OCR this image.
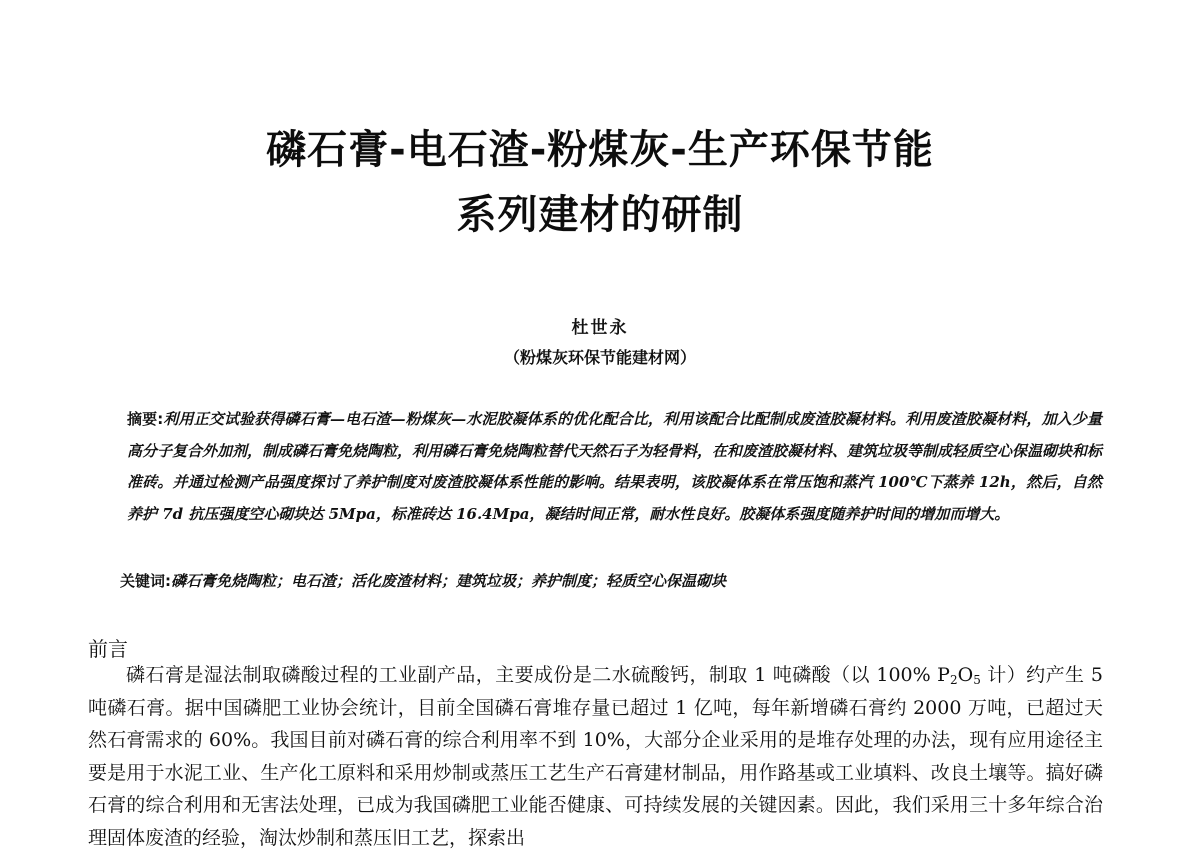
磷石膏-电石渣-粉煤灰-生产环保节能
系列建材的研制
杜世永
（粉煤灰环保节能建材网）
摘要:利用正交试验获得磷石膏—电石渣—粉煤灰—水泥胶凝体系的优化配合比，利用该配合比配制成废渣胶凝材料。利用废渣胶凝材料，加入少量高分子复合外加剂，制成磷石膏免烧陶粒，利用磷石膏免烧陶粒替代天然石子为轻骨料，在和废渣胶凝材料、建筑垃圾等制成轻质空心保温砌块和标准砖。并通过检测产品强度探讨了养护制度对废渣胶凝体系性能的影响。结果表明，该胶凝体系在常压饱和蒸汽 100℃下蒸养 12h，然后，自然养护 7d 抗压强度空心砌块达 5Mpa，标准砖达 16.4Mpa，凝结时间正常，耐水性良好。胶凝体系强度随养护时间的增加而增大。
关键词:磷石膏免烧陶粒；电石渣；活化废渣材料；建筑垃圾；养护制度；轻质空心保温砌块
前言
磷石膏是湿法制取磷酸过程的工业副产品，主要成份是二水硫酸钙，制取 1 吨磷酸（以 100% $P_2O_5$ 计）约产生 5 吨磷石膏。据中国磷肥工业协会统计，目前全国磷石膏堆存量已超过 1 亿吨，每年新增磷石膏约 2000 万吨，已超过天然石膏需求的 60%。我国目前对磷石膏的综合利用率不到 10%，大部分企业采用的是堆存处理的办法，现有应用途径主要是用于水泥工业、生产化工原料和采用炒制或蒸压工艺生产石膏建材制品，用作路基或工业填料、改良土壤等。搞好磷石膏的综合利用和无害法处理，已成为我国磷肥工业能否健康、可持续发展的关键因素。因此，我们采用三十多年综合治理固体废渣的经验，淘汰炒制和蒸压旧工艺，探索出
